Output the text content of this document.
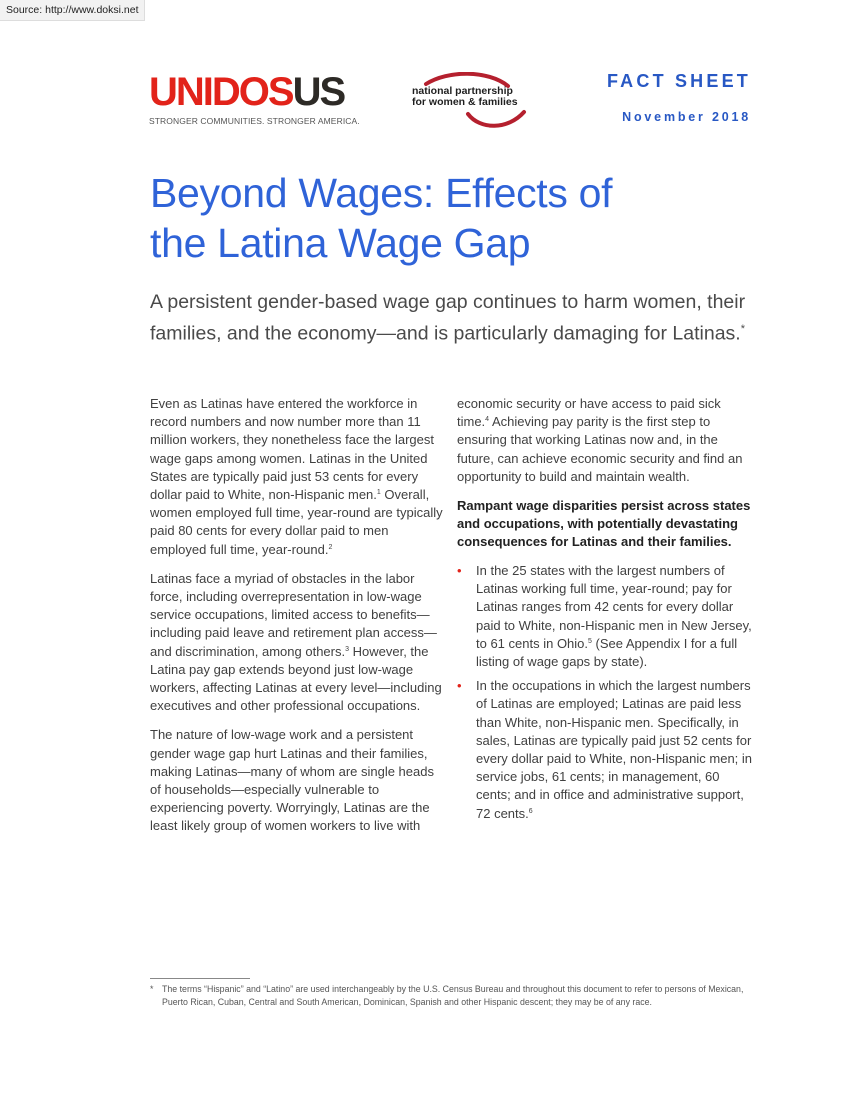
Source: http://www.doksi.net
UNIDOSUS
STRONGER COMMUNITIES. STRONGER AMERICA.
national partnership
for women & families
FACT SHEET
November 2018
Beyond Wages: Effects of
the Latina Wage Gap
A persistent gender-based wage gap continues to harm women, their families, and the economy—and is particularly damaging for Latinas.*

Even as Latinas have entered the workforce in record numbers and now number more than 11 million workers, they nonetheless face the largest wage gaps among women. Latinas in the United States are typically paid just 53 cents for every dollar paid to White, non-Hispanic men.$^1$ Overall, women employed full time, year-round are typically paid 80 cents for every dollar paid to men employed full time, year-round.$^2$

Latinas face a myriad of obstacles in the labor force, including overrepresentation in low-wage service occupations, limited access to benefits—including paid leave and retirement plan access—and discrimination, among others.$^3$ However, the Latina pay gap extends beyond just low-wage workers, affecting Latinas at every level—including executives and other professional occupations.

The nature of low-wage work and a persistent gender wage gap hurt Latinas and their families, making Latinas—many of whom are single heads of households—especially vulnerable to experiencing poverty. Worryingly, Latinas are the least likely group of women workers to live with

economic security or have access to paid sick time.$^4$ Achieving pay parity is the first step to ensuring that working Latinas now and, in the future, can achieve economic security and find an opportunity to build and maintain wealth.

Rampant wage disparities persist across states and occupations, with potentially devastating consequences for Latinas and their families.
• In the 25 states with the largest numbers of Latinas working full time, year-round; pay for Latinas ranges from 42 cents for every dollar paid to White, non-Hispanic men in New Jersey, to 61 cents in Ohio.$^5$ (See Appendix I for a full listing of wage gaps by state).
• In the occupations in which the largest numbers of Latinas are employed; Latinas are paid less than White, non-Hispanic men. Specifically, in sales, Latinas are typically paid just 52 cents for every dollar paid to White, non-Hispanic men; in service jobs, 61 cents; in management, 60 cents; and in office and administrative support, 72 cents.$^6$
* The terms “Hispanic” and “Latino” are used interchangeably by the U.S. Census Bureau and throughout this document to refer to persons of Mexican, Puerto Rican, Cuban, Central and South American, Dominican, Spanish and other Hispanic descent; they may be of any race.
